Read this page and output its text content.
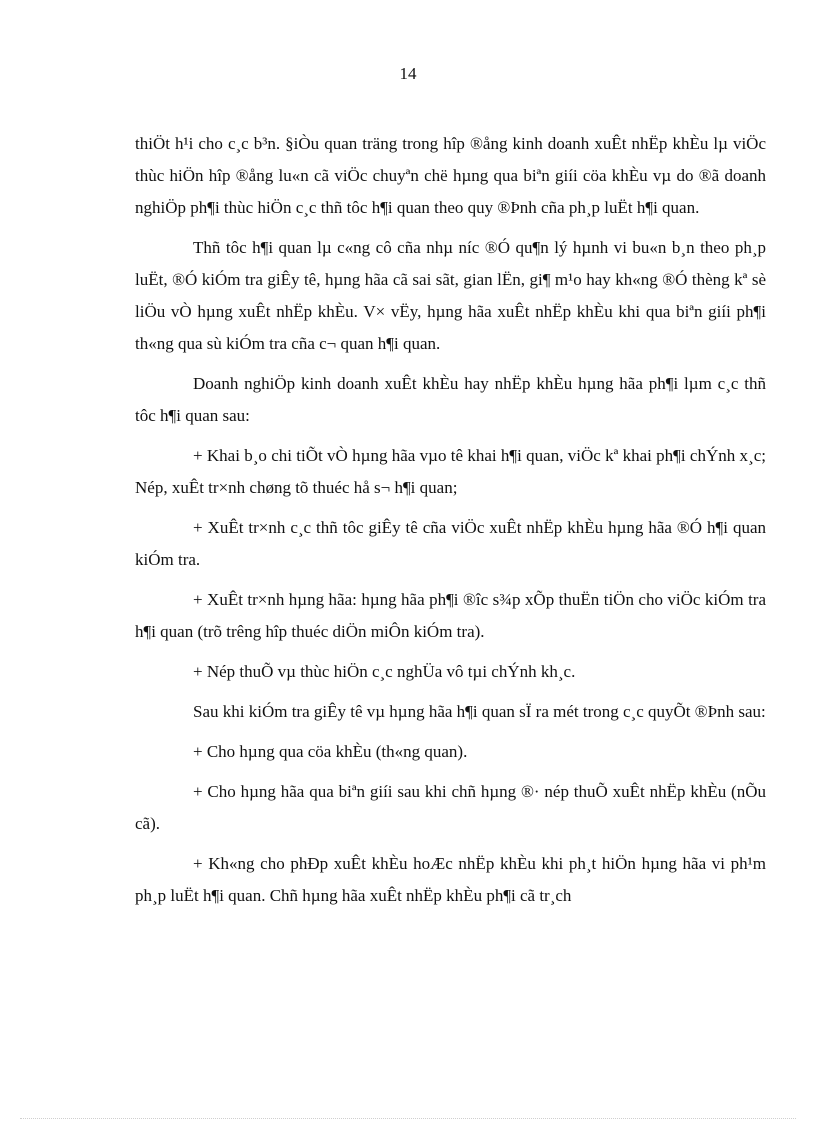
14

thiÖt h¹i cho c¸c b³n. §iÒu quan träng trong hîp ®ång kinh doanh xuÊt nhËp khÈu lµ viÖc thùc hiÖn hîp ®ång lu«n cã viÖc chuyªn chë hµng qua biªn giíi cöa khÈu vµ do ®ã doanh nghiÖp ph¶i thùc hiÖn c¸c thñ tôc h¶i quan theo quy ®Þnh cña ph¸p luËt h¶i quan.

Thñ tôc h¶i quan lµ c«ng cô cña nhµ níc ®Ó qu¶n lý hµnh vi bu«n b¸n theo ph¸p luËt, ®Ó kiÓm tra giÊy tê, hµng hãa cã sai sãt, gian lËn, gi¶ m¹o hay kh«ng ®Ó thèng kª sè liÖu vÒ hµng xuÊt nhËp khÈu. V× vËy, hµng hãa xuÊt nhËp khÈu khi qua biªn giíi ph¶i th«ng qua sù kiÓm tra cña c¬ quan h¶i quan.

Doanh nghiÖp kinh doanh xuÊt khÈu hay nhËp khÈu hµng hãa ph¶i lµm c¸c thñ tôc h¶i quan sau:

+ Khai b¸o chi tiÕt vÒ hµng hãa vµo tê khai h¶i quan, viÖc kª khai ph¶i chÝnh x¸c; Nép, xuÊt tr×nh chøng tõ thuéc hå s¬ h¶i quan;

+ XuÊt tr×nh c¸c thñ tôc giÊy tê cña viÖc xuÊt nhËp khÈu hµng hãa ®Ó h¶i quan kiÓm tra.

+ XuÊt tr×nh hµng hãa: hµng hãa ph¶i ®îc s¾p xÕp thuËn tiÖn cho viÖc kiÓm tra h¶i quan (trõ trêng hîp thuéc diÖn miÔn kiÓm tra).

+ Nép thuÕ vµ thùc hiÖn c¸c nghÜa vô tµi chÝnh kh¸c.

Sau khi kiÓm tra giÊy tê vµ hµng hãa h¶i quan sÏ ra mét trong c¸c quyÕt ®Þnh sau:

+ Cho hµng qua cöa khÈu (th«ng quan).

+ Cho hµng hãa qua biªn giíi sau khi chñ hµng ®· nép thuÕ xuÊt nhËp khÈu (nÕu cã).

+ Kh«ng cho phÐp xuÊt khÈu hoÆc nhËp khÈu khi ph¸t hiÖn hµng hãa vi ph¹m ph¸p luËt h¶i quan. Chñ hµng hãa xuÊt nhËp khÈu ph¶i cã tr¸ch
